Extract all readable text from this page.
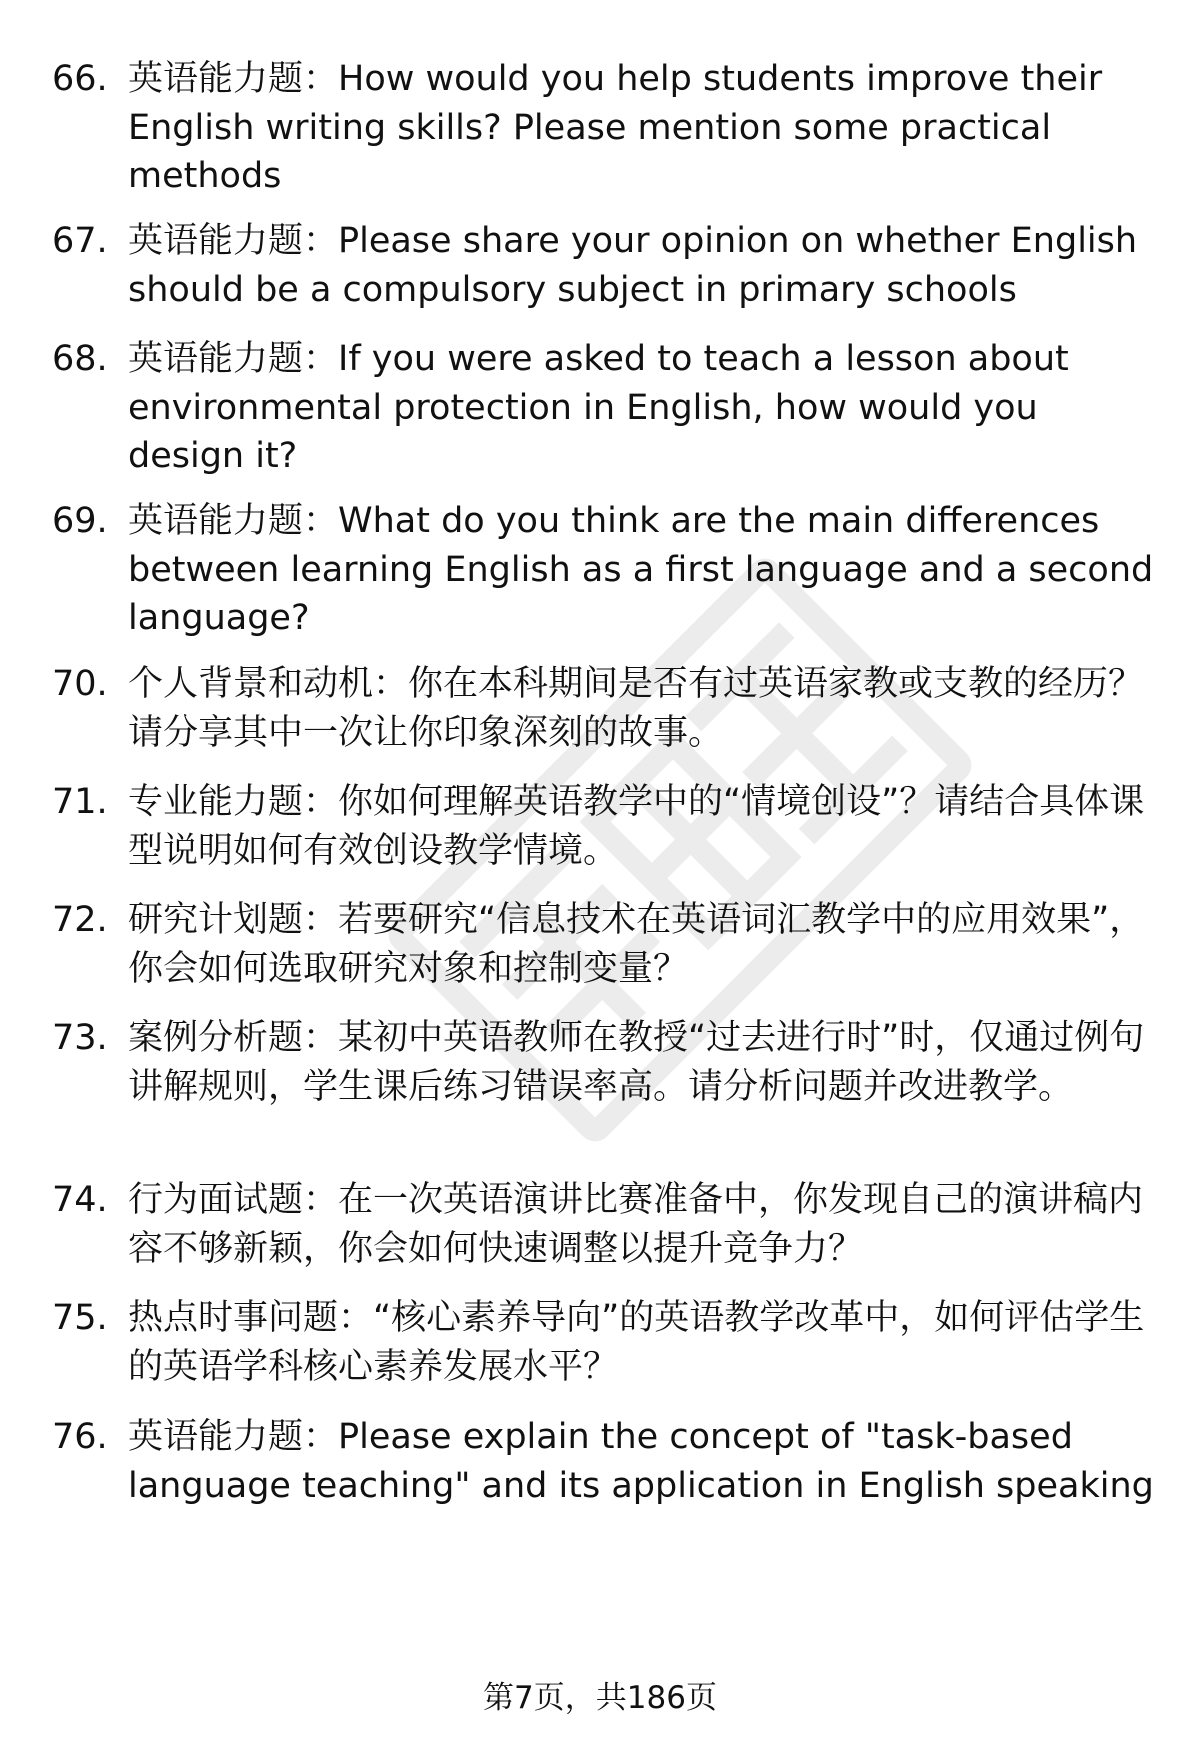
66. 英语能力题：How would you help students improve their English writing skills? Please mention some practical methods
67. 英语能力题：Please share your opinion on whether English should be a compulsory subject in primary schools
68. 英语能力题：If you were asked to teach a lesson about environmental protection in English, how would you design it?
69. 英语能力题：What do you think are the main differences between learning English as a first language and a second language?
70. 个人背景和动机：你在本科期间是否有过英语家教或支教的经历？请分享其中一次让你印象深刻的故事。
71. 专业能力题：你如何理解英语教学中的“情境创设”？请结合具体课型说明如何有效创设教学情境。
72. 研究计划题：若要研究“信息技术在英语词汇教学中的应用效果”，你会如何选取研究对象和控制变量？
73. 案例分析题：某初中英语教师在教授“过去进行时”时，仅通过例句讲解规则，学生课后练习错误率高。请分析问题并改进教学。
74. 行为面试题：在一次英语演讲比赛准备中，你发现自己的演讲稿内容不够新颖，你会如何快速调整以提升竞争力？
75. 热点时事问题：“核心素养导向”的英语教学改革中，如何评估学生的英语学科核心素养发展水平？
76. 英语能力题：Please explain the concept of "task-based language teaching" and its application in English speaking
第7页，共186页
